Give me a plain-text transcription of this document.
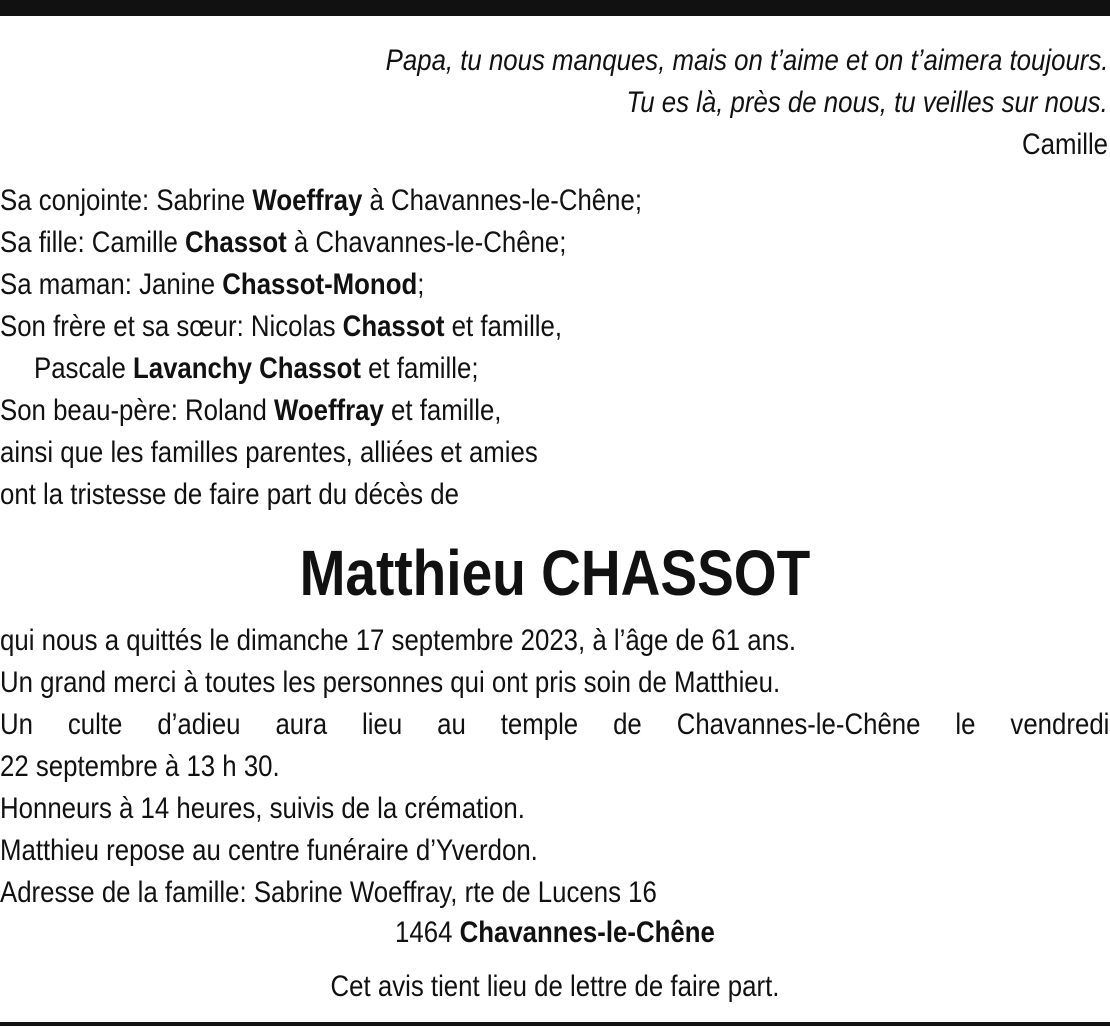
Papa, tu nous manques, mais on t’aime et on t’aimera toujours.
Tu es là, près de nous, tu veilles sur nous.
Camille
Sa conjointe: Sabrine Woeffray à Chavannes-le-Chêne;
Sa fille: Camille Chassot à Chavannes-le-Chêne;
Sa maman: Janine Chassot-Monod;
Son frère et sa sœur: Nicolas Chassot et famille,
Pascale Lavanchy Chassot et famille;
Son beau-père: Roland Woeffray et famille,
ainsi que les familles parentes, alliées et amies
ont la tristesse de faire part du décès de
Matthieu CHASSOT
qui nous a quittés le dimanche 17 septembre 2023, à l’âge de 61 ans.
Un grand merci à toutes les personnes qui ont pris soin de Matthieu.
Un culte d’adieu aura lieu au temple de Chavannes-le-Chêne le vendredi
22 septembre à 13 h 30.
Honneurs à 14 heures, suivis de la crémation.
Matthieu repose au centre funéraire d’Yverdon.
Adresse de la famille: Sabrine Woeffray, rte de Lucens 16
1464 Chavannes-le-Chêne
Cet avis tient lieu de lettre de faire part.
